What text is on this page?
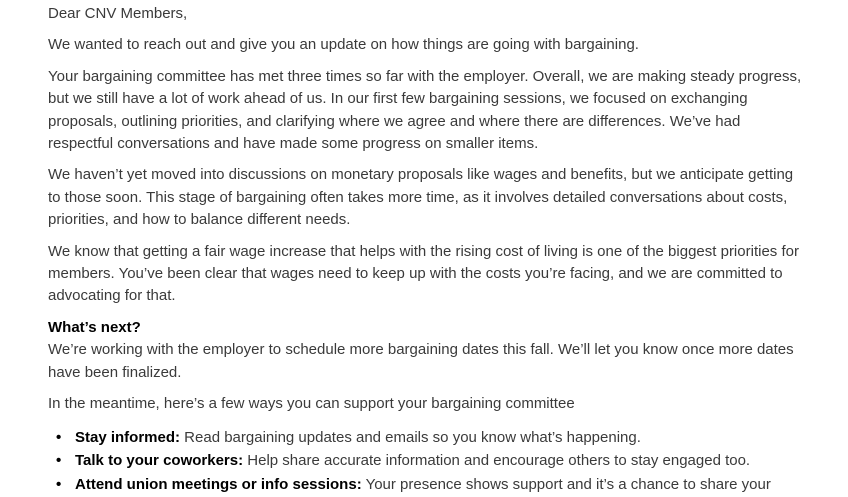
Dear CNV Members,

We wanted to reach out and give you an update on how things are going with bargaining.

Your bargaining committee has met three times so far with the employer. Overall, we are making steady progress, but we still have a lot of work ahead of us. In our first few bargaining sessions, we focused on exchanging proposals, outlining priorities, and clarifying where we agree and where there are differences. We’ve had respectful conversations and have made some progress on smaller items.

We haven’t yet moved into discussions on monetary proposals like wages and benefits, but we anticipate getting to those soon. This stage of bargaining often takes more time, as it involves detailed conversations about costs, priorities, and how to balance different needs.

We know that getting a fair wage increase that helps with the rising cost of living is one of the biggest priorities for members. You’ve been clear that wages need to keep up with the costs you’re facing, and we are committed to advocating for that.

What’s next?

We’re working with the employer to schedule more bargaining dates this fall. We’ll let you know once more dates have been finalized.

In the meantime, here’s a few ways you can support your bargaining committee

• Stay informed: Read bargaining updates and emails so you know what’s happening.
• Talk to your coworkers: Help share accurate information and encourage others to stay engaged too.
• Attend union meetings or info sessions: Your presence shows support and it’s a chance to share your
